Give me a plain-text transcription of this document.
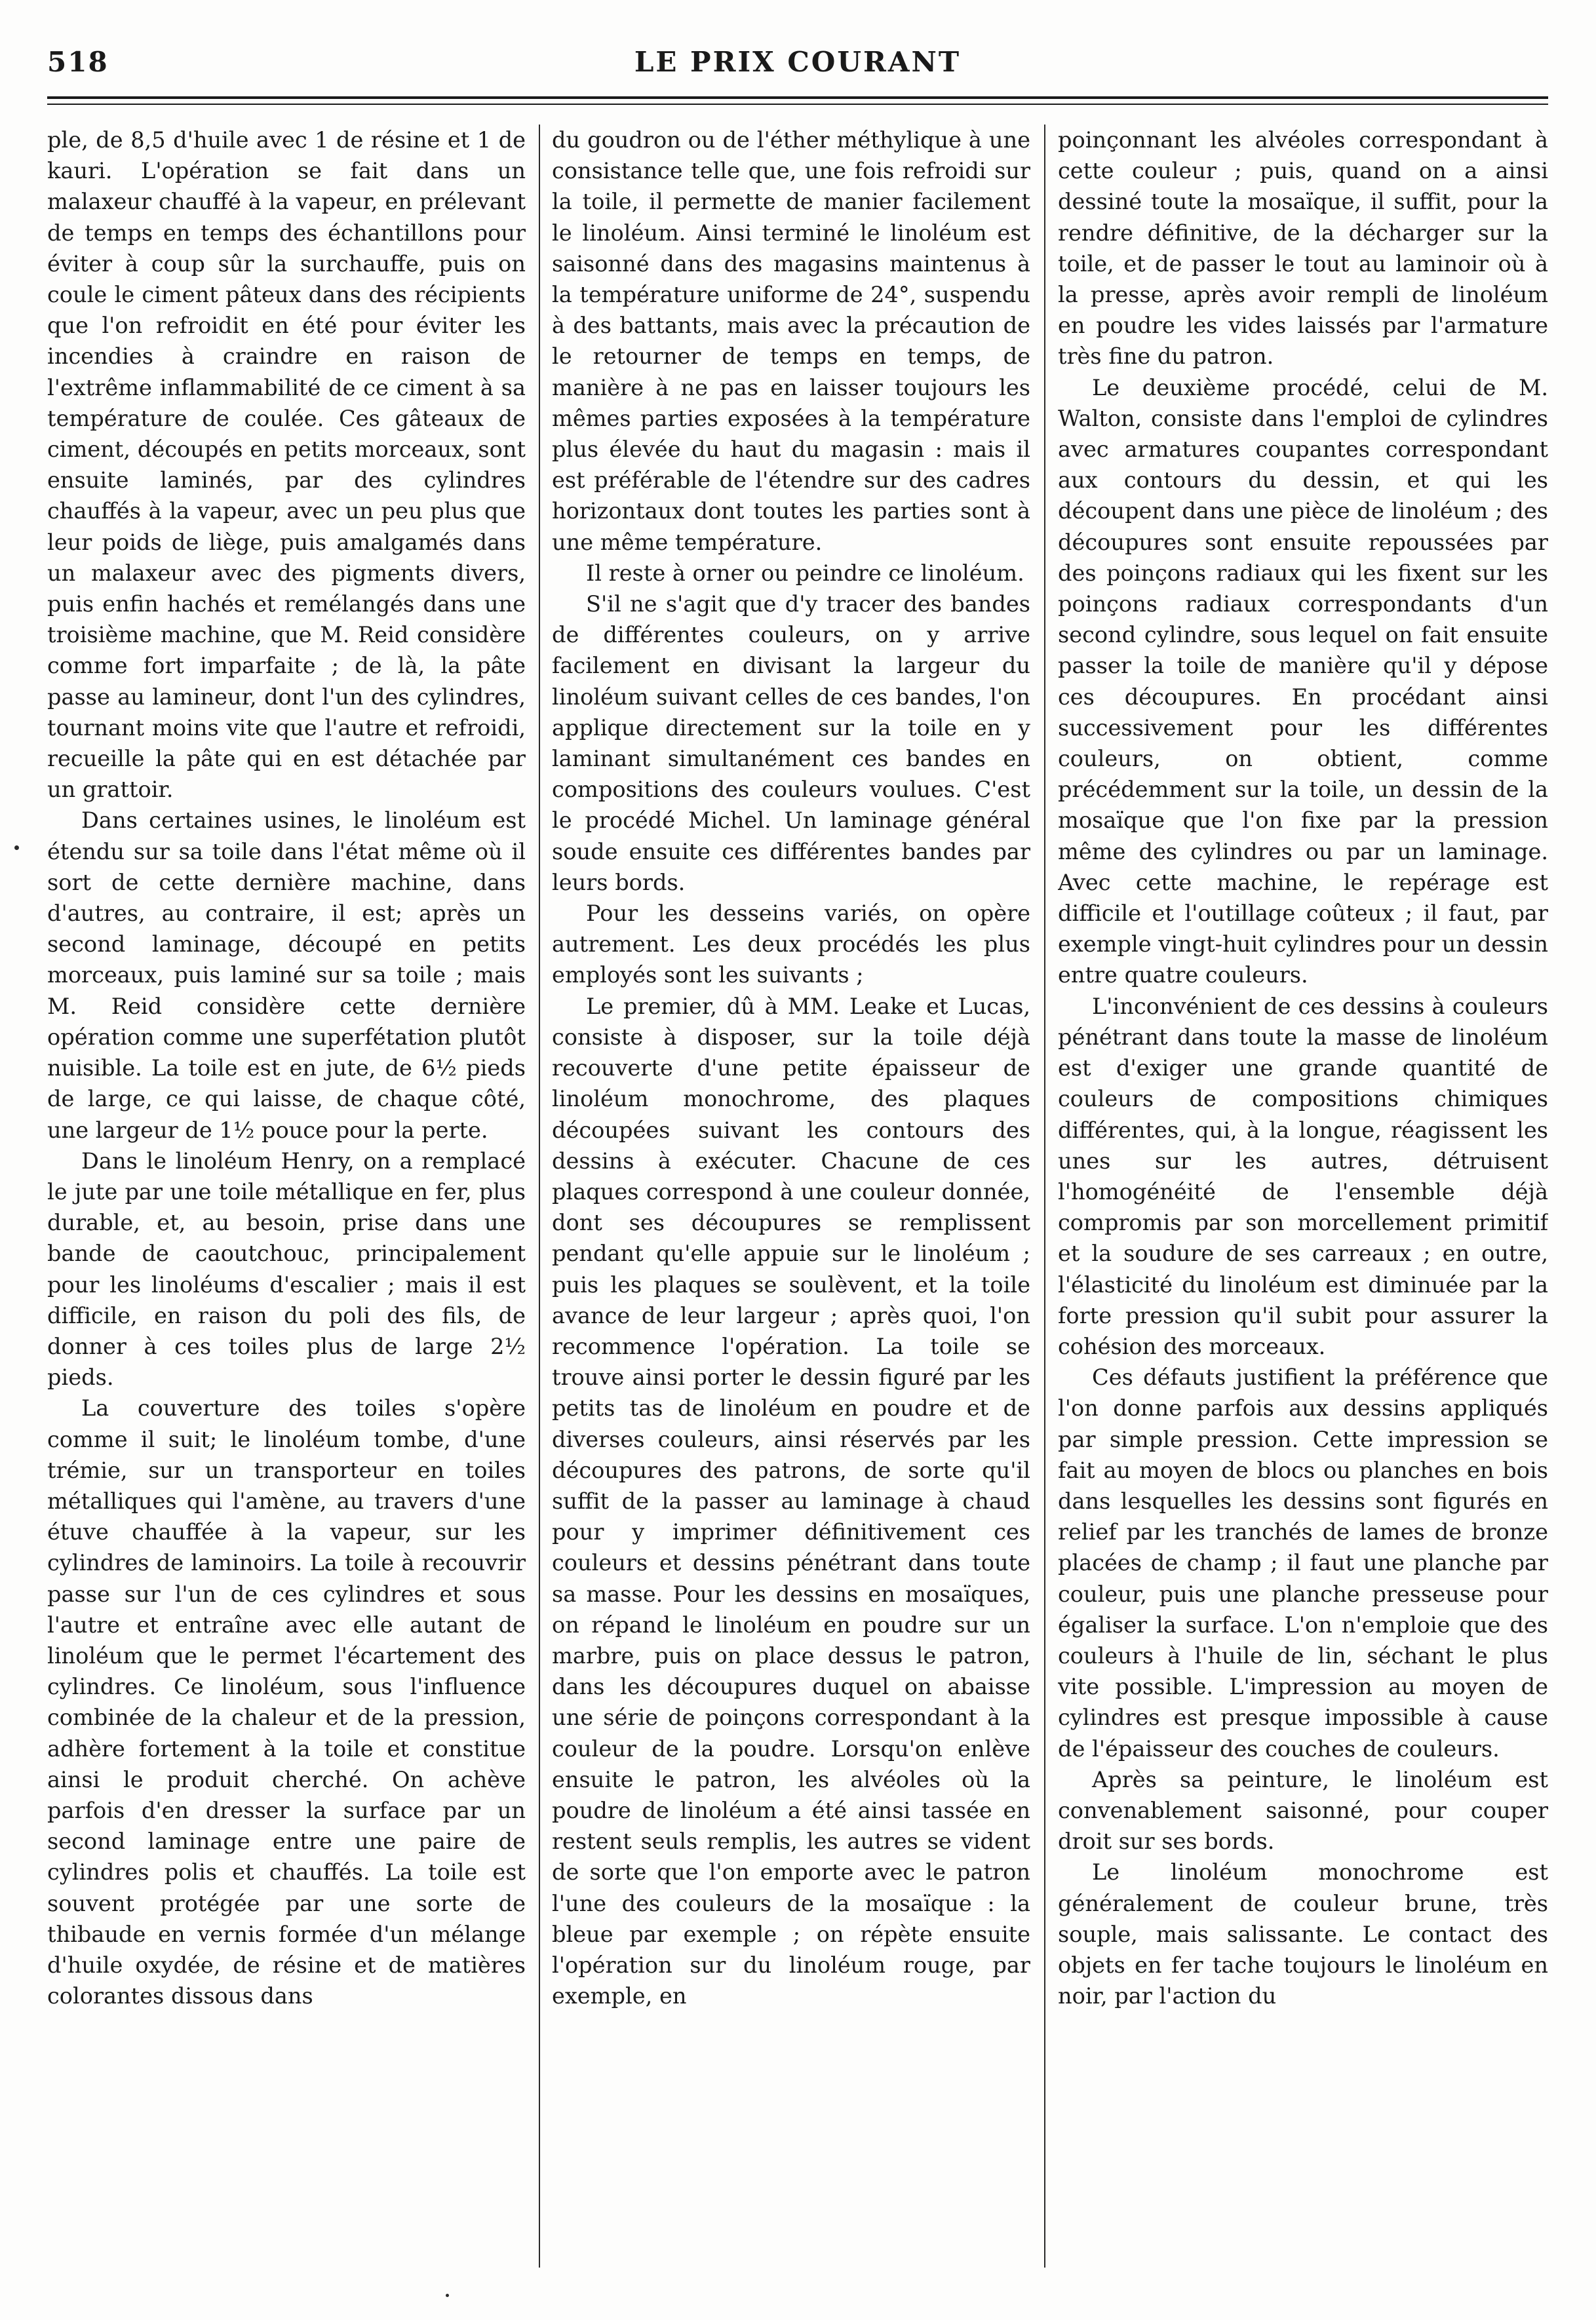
518	LE PRIX COURANT

ple, de 8,5 d'huile avec 1 de résine et 1 de kauri. L'opération se fait dans un malaxeur chauffé à la vapeur, en prélevant de temps en temps des échantillons pour éviter à coup sûr la surchauffe, puis on coule le ciment pâteux dans des récipients que l'on refroidit en été pour éviter les incendies à craindre en raison de l'extrême inflammabilité de ce ciment à sa température de coulée. Ces gâteaux de ciment, découpés en petits morceaux, sont ensuite laminés, par des cylindres chauffés à la vapeur, avec un peu plus que leur poids de liège, puis amalgamés dans un malaxeur avec des pigments divers, puis enfin hachés et remélangés dans une troisième machine, que M. Reid considère comme fort imparfaite ; de là, la pâte passe au lamineur, dont l'un des cylindres, tournant moins vite que l'autre et refroidi, recueille la pâte qui en est détachée par un grattoir.

Dans certaines usines, le linoléum est étendu sur sa toile dans l'état même où il sort de cette dernière machine, dans d'autres, au contraire, il est; après un second laminage, découpé en petits morceaux, puis laminé sur sa toile ; mais M. Reid considère cette dernière opération comme une superfétation plutôt nuisible. La toile est en jute, de 6½ pieds de large, ce qui laisse, de chaque côté, une largeur de 1½ pouce pour la perte.

Dans le linoléum Henry, on a remplacé le jute par une toile métallique en fer, plus durable, et, au besoin, prise dans une bande de caoutchouc, principalement pour les linoléums d'escalier ; mais il est difficile, en raison du poli des fils, de donner à ces toiles plus de large 2½ pieds.

La couverture des toiles s'opère comme il suit; le linoléum tombe, d'une trémie, sur un transporteur en toiles métalliques qui l'amène, au travers d'une étuve chauffée à la vapeur, sur les cylindres de laminoirs. La toile à recouvrir passe sur l'un de ces cylindres et sous l'autre et entraîne avec elle autant de linoléum que le permet l'écartement des cylindres. Ce linoléum, sous l'influence combinée de la chaleur et de la pression, adhère fortement à la toile et constitue ainsi le produit cherché. On achève parfois d'en dresser la surface par un second laminage entre une paire de cylindres polis et chauffés. La toile est souvent protégée par une sorte de thibaude en vernis formée d'un mélange d'huile oxydée, de résine et de matières colorantes dissous dans

du goudron ou de l'éther méthylique à une consistance telle que, une fois refroidi sur la toile, il permette de manier facilement le linoléum. Ainsi terminé le linoléum est saisonné dans des magasins maintenus à la température uniforme de 24°, suspendu à des battants, mais avec la précaution de le retourner de temps en temps, de manière à ne pas en laisser toujours les mêmes parties exposées à la température plus élevée du haut du magasin : mais il est préférable de l'étendre sur des cadres horizontaux dont toutes les parties sont à une même température.

Il reste à orner ou peindre ce linoléum.

S'il ne s'agit que d'y tracer des bandes de différentes couleurs, on y arrive facilement en divisant la largeur du linoléum suivant celles de ces bandes, l'on applique directement sur la toile en y laminant simultanément ces bandes en compositions des couleurs voulues. C'est le procédé Michel. Un laminage général soude ensuite ces différentes bandes par leurs bords.

Pour les desseins variés, on opère autrement. Les deux procédés les plus employés sont les suivants ;

Le premier, dû à MM. Leake et Lucas, consiste à disposer, sur la toile déjà recouverte d'une petite épaisseur de linoléum monochrome, des plaques découpées suivant les contours des dessins à exécuter. Chacune de ces plaques correspond à une couleur donnée, dont ses découpures se remplissent pendant qu'elle appuie sur le linoléum ; puis les plaques se soulèvent, et la toile avance de leur largeur ; après quoi, l'on recommence l'opération. La toile se trouve ainsi porter le dessin figuré par les petits tas de linoléum en poudre et de diverses couleurs, ainsi réservés par les découpures des patrons, de sorte qu'il suffit de la passer au laminage à chaud pour y imprimer définitivement ces couleurs et dessins pénétrant dans toute sa masse. Pour les dessins en mosaïques, on répand le linoléum en poudre sur un marbre, puis on place dessus le patron, dans les découpures duquel on abaisse une série de poinçons correspondant à la couleur de la poudre. Lorsqu'on enlève ensuite le patron, les alvéoles où la poudre de linoléum a été ainsi tassée en restent seuls remplis, les autres se vident de sorte que l'on emporte avec le patron l'une des couleurs de la mosaïque : la bleue par exemple ; on répète ensuite l'opération sur du linoléum rouge, par exemple, en

poinçonnant les alvéoles correspondant à cette couleur ; puis, quand on a ainsi dessiné toute la mosaïque, il suffit, pour la rendre définitive, de la décharger sur la toile, et de passer le tout au laminoir où à la presse, après avoir rempli de linoléum en poudre les vides laissés par l'armature très fine du patron.

Le deuxième procédé, celui de M. Walton, consiste dans l'emploi de cylindres avec armatures coupantes correspondant aux contours du dessin, et qui les découpent dans une pièce de linoléum ; des découpures sont ensuite repoussées par des poinçons radiaux qui les fixent sur les poinçons radiaux correspondants d'un second cylindre, sous lequel on fait ensuite passer la toile de manière qu'il y dépose ces découpures. En procédant ainsi successivement pour les différentes couleurs, on obtient, comme précédemment sur la toile, un dessin de la mosaïque que l'on fixe par la pression même des cylindres ou par un laminage. Avec cette machine, le repérage est difficile et l'outillage coûteux ; il faut, par exemple vingt-huit cylindres pour un dessin entre quatre couleurs.

L'inconvénient de ces dessins à couleurs pénétrant dans toute la masse de linoléum est d'exiger une grande quantité de couleurs de compositions chimiques différentes, qui, à la longue, réagissent les unes sur les autres, détruisent l'homogénéité de l'ensemble déjà compromis par son morcellement primitif et la soudure de ses carreaux ; en outre, l'élasticité du linoléum est diminuée par la forte pression qu'il subit pour assurer la cohésion des morceaux.

Ces défauts justifient la préférence que l'on donne parfois aux dessins appliqués par simple pression. Cette impression se fait au moyen de blocs ou planches en bois dans lesquelles les dessins sont figurés en relief par les tranchés de lames de bronze placées de champ ; il faut une planche par couleur, puis une planche presseuse pour égaliser la surface. L'on n'emploie que des couleurs à l'huile de lin, séchant le plus vite possible. L'impression au moyen de cylindres est presque impossible à cause de l'épaisseur des couches de couleurs.

Après sa peinture, le linoléum est convenablement saisonné, pour couper droit sur ses bords.

Le linoléum monochrome est généralement de couleur brune, très souple, mais salissante. Le contact des objets en fer tache toujours le linoléum en noir, par l'action du
